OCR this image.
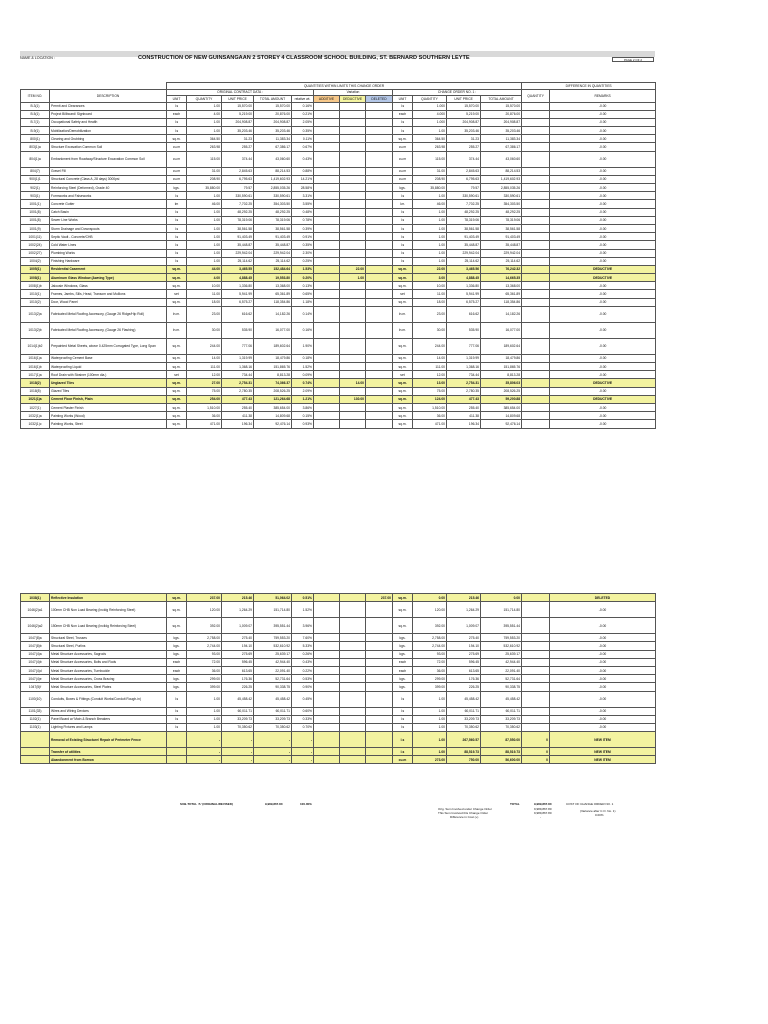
NAME & LOCATION :	CONSTRUCTION OF NEW GUINSANGAAN 2 STOREY 4 CLASSROOM SCHOOL BUILDING, ST. BERNARD SOUTHERN LEYTE	PAGE 2 OF 2
		QUANTITIES WITHIN LIMITS THIS CHANGE ORDER												DIFFERENCE IN QUANTITIES	
ITEM NO.	DESCRIPTION	ORIGINAL CONTRACT DATA :					Variation			CHANGE ORDER NO. 1 :				QUANTITY	REMARKS
		UNIT	QUANTITY	UNIT PRICE	TOTAL AMOUNT	relative wt.	ADDITIVE	DEDUCTIVE	DELETED	UNIT	QUANTITY	UNIT PRICE	TOTAL AMOUNT		
B.3(1)	Permit and Clearances	l.s	1.00	15,570.00	15,570.00	0.16%				l.s	1.000	15,570.00	15,570.00		-0.00
B.5(1)	Project Billboard/ Signboard	each	4.00	5,219.00	20,876.00	0.21%				each	4.000	5,219.00	20,876.00		-0.00
B.7(1)	Occupational Safety and Health	l.s	1.00	204,908.87	204,908.87	2.05%				l.s	1.000	204,908.87	204,908.87		-0.00
B.9(1)	Mobilization/Demobilization	l.s	1.00	35,203.46	35,203.46	0.35%				l.s	1.00	35,203.46	35,203.46		-0.00
800(1)	Clearing and Grubbing	sq.m.	364.50	31.23	11,383.34	0.11%				sq.m.	364.50	31.23	11,383.34		-0.00
803(1)a	Structure Excavation Common Soil	cu.m	263.98	255.27	67,386.17	0.67%				cu.m	263.98	255.27	67,386.17		-0.00
804(1)a	Embankment from Roadway/Structure Excavation Common Soil	cu.m	115.00	374.44	43,060.60	0.43%				cu.m	115.00	374.44	43,060.60		-0.00
804(7)	Gravel Fill	cu.m	31.00	2,845.63	88,214.53	0.88%				cu.m	31.00	2,845.63	88,214.53		-0.00
900(1)1	Structural Concrete (Class A ,28 days) 3000psi	cu.m	208.90	6,795.63	1,419,602.93	14.21%				cu.m	208.90	6,795.63	1,419,602.93		-0.00
902(1)	Reinforcing Steel (Deformed), Grade 40	kgs.	35,880.00	79.57	2,855,035.26	28.58%				kgs.	35,880.00	79.57	2,855,035.26		-0.00
903(1)	Formworks and Falseworks	l.s	1.00	330,590.61	330,590.61	3.31%				l.s	1.00	330,590.61	330,590.61		-0.00
1001(1)	Concrete Gutter	lm	46.00	7,702.25	354,303.50	3.55%				l.m.	46.00	7,702.25	354,303.50		-0.00
1001(8)	Catch Basin	l.s	1.00	48,292.25	48,292.25	0.48%				l.s	1.00	48,292.25	48,292.25		-0.00
1001(8)	Sewer Line Works	l.s	1.00	78,319.06	78,319.06	0.78%				l.s	1.00	78,319.06	78,319.06		-0.00
1001(9)	Storm Drainage and Downspouts	l.s	1.00	38,561.58	38,561.58	0.39%				l.s	1.00	38,561.58	38,561.58		-0.00
1001(11)	Septic Vault - Concrete/CHB	l.s	1.00	91,403.49	91,403.49	0.91%				l.s	1.00	91,403.49	91,403.49		-0.00
1002(24)	Cold Water Lines	l.s	1.00	35,448.87	35,448.87	0.35%				l.s	1.00	35,448.87	35,448.87		-0.00
1002(27)	Plumbing Works	l.s	1.00	229,942.04	229,942.04	2.30%				l.s	1.00	229,942.04	229,942.04		-0.00
1004(2)	Finishing Hardware	l.s	1.00	25,114.62	25,114.62	0.25%				l.s	1.00	25,114.62	25,114.62		-0.00
1005(1)	Residential Casement	sq.m.	44.00	3,465.55	152,484.64	1.53%		22.00		sq.m.	22.00	3,465.56	76,242.32		DEDUCTIVE
1008(1)	Aluminum Glass Window (Awning Type)	sq.m.	4.00	4,888.45	19,553.80	0.20%		1.00		sq.m.	3.00	4,888.45	14,665.35		DEDUCTIVE
1008(1)b	Jalousie Windows, Glass	sq.m.	10.00	1,336.80	13,368.00	0.13%				sq.m.	10.00	1,336.80	13,368.00		-0.00
1010(1)	Frames, Jambs, Sills, Head, Transom and Mullions	set	11.00	5,941.99	65,361.89	0.65%				set	11.00	5,941.99	65,361.89		-0.00
1010(2)	Door, Wood Panel	sq.m.	18.00	6,575.27	118,354.86	1.18%				sq.m.	18.00	6,575.27	118,354.86		-0.00
1013(2)a	Fabricated Metal Roofing Accessory, (Gauge 26 Ridge/Hip Roll)	ln.m.	23.00	616.62	14,182.26	0.14%				ln.m.	23.00	616.62	14,182.26		-0.00
1013(2)b	Fabricated Metal Roofing Accessory, (Gauge 26 Flashing)	ln.m.	30.00	535.90	16,077.00	0.16%				ln.m.	30.00	535.90	16,077.00		-0.00
1014(1)b2	Prepainted Metal Sheets, above 0.425mm Corrugated Type, Long Span	sq.m.	244.00	777.06	189,602.64	1.90%				sq.m.	244.00	777.06	189,602.64		-0.00
1016(1)a	Waterproofing Cement Base	sq.m.	14.00	1,319.99	18,479.86	0.18%				sq.m.	14.00	1,319.99	18,479.86		-0.00
1016(1)b	Waterproofing Liquid	sq.m.	111.00	1,368.16	151,865.76	1.52%				sq.m.	111.00	1,368.16	151,865.76		-0.00
1017(1)a	Roof Drain with Strainer (100mm dia.)	set	12.00	734.44	8,813.28	0.09%				set	12.00	734.44	8,813.28		-0.00
1018(2)	Unglazed Tiles	sq.m.	27.00	2,754.31	74,366.37	0.74%		14.00		sq.m.	13.00	2,754.31	35,806.03		DEDUCTIVE
1018(5)	Glazed Tiles	sq.m.	75.00	2,780.35	208,526.25	2.09%				sq.m.	75.00	2,780.35	208,526.25		-0.00
1021(1)a	Cement Floor Finish, Plain	sq.m.	254.00	477.43	121,264.68	1.21%		130.00		sq.m.	124.00	477.43	59,200.88		DEDUCTIVE
1027(1)	Cement Plaster Finish	sq.m.	1,510.00	255.40	385,654.00	3.86%				sq.m.	1,510.00	255.40	385,654.00		-0.00
1032(1)a	Painting Works (Wood)	sq.m.	36.00	411.38	14,809.68	0.15%				sq.m.	36.00	411.38	14,809.68		-0.00
1032(1)c	Painting Works, Steel	sq.m.	471.00	196.34	92,476.14	0.93%				sq.m.	471.00	196.34	92,476.14		-0.00
1038(1)	Reflective Insulation	sq.m.	237.00	215.46	51,064.02	0.51%			237.00	sq.m.	0.00	215.46	0.00		DELETED
1046(2)a1	100mm CHB Non Load Bearing (Incldg Reinforcing Steel)	sq.m.	120.00	1,264.29	151,714.80	1.52%				sq.m.	120.00	1,264.29	151,714.80		-0.00
1046(2)a2	150mm CHB Non Load Bearing (Inclidg Reinforcing Steel)	sq.m.	392.00	1,009.07	395,551.44	3.96%				sq.m.	392.00	1,009.07	395,551.44		-0.00
1047(8)a	Structural Steel, Trusses	kgs.	2,758.00	275.40	759,553.20	7.60%				kgs.	2,758.00	275.40	759,553.20		-0.00
1047(8)b	Structural Steel, Purlins	kgs.	2,744.00	194.10	532,610.92	5.33%				kgs.	2,744.00	194.10	532,610.92		-0.00
1047(4)a	Metal Structure Accessories, Sagrods	kgs.	93.00	275.69	25,639.17	0.26%				kgs.	93.00	275.69	25,639.17		-0.00
1047(4)b	Metal Structure Accessories, Bolts and Rods	each	72.00	596.45	42,944.40	0.43%				each	72.00	596.45	42,944.40		-0.00
1047(4)d	Metal Structure Accessories, Turnbuckle	each	36.00	613.65	22,091.40	0.22%				each	36.00	613.65	22,091.40		-0.00
1047(4)e	Metal Structure Accessories, Cross Bracing	kgs.	299.00	176.36	52,731.64	0.53%				kgs.	299.00	176.36	52,731.64		-0.00
1047(5)f	Metal Structure Accessories, Steel Plates	kgs.	399.00	226.25	90,338.75	0.90%				kgs.	399.00	226.25	90,338.75		-0.00
1100(10)	Conduits, Boxes & Fittings (Conduit Works/Conduit Rough-in)	l.s	1.00	45,458.42	45,458.42	0.45%				l.s	1.00	45,458.42	45,458.42		-0.00
1101(33)	Wires and Wiring Devices	l.s	1.00	60,011.71	60,011.71	0.60%				l.s	1.00	60,011.71	60,011.71		-0.00
1102(1)	Panel Board w/ Main & Branch Breakers	l.s	1.00	33,209.73	33,209.73	0.33%				l.s	1.00	33,209.73	33,209.73		-0.00
1103(1)	Lighting Fixtures and Lamps	l.s	1.00	70,350.62	70,350.62	0.70%				l.s	1.00	70,350.62	70,350.62		-0.00
	Removal of Existing Structure/ Repair of Perimeter Fence		-	-	-	-				l.s	1.00	267,560.57	87,550.00	0	NEW ITEM
	Transfer of utilities		-	-	-	-				l.s	1.00	88,519.73	88,519.73	0	NEW ITEM
	Abandonment from Borrow		-	-	-	-				cu.m	273.00	750.00	56,600.00	0	NEW ITEM
SUB-TOTAL 'A' (ORIGINAL/REVISED)	9,989,867.80	100.00%	TOTAL	9,989,867.80	COST OF CHANGE ORDER NO. 1
Orig. Sum Involved under Change Order	9,989,867.80
This Sum Involved this Change Order	9,989,867.80
Difference in Cost (+)	-
(Variance after C.O. No. 1)
0.00%
